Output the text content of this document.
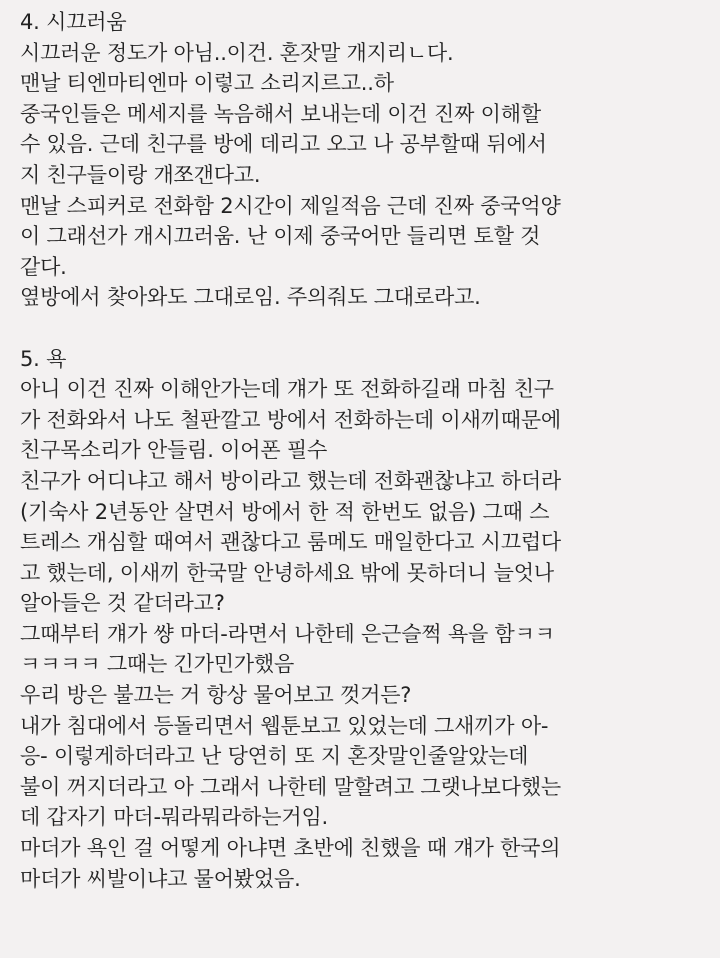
4. 시끄러움
시끄러운 정도가 아님..이건. 혼잣말 개지리ㄴ다.
맨날 티엔마티엔마 이렇고 소리지르고..하
중국인들은 메세지를 녹음해서 보내는데 이건 진짜 이해할
수 있음. 근데 친구를 방에 데리고 오고 나 공부할때 뒤에서
지 친구들이랑 개쪼갠다고.
맨날 스피커로 전화함 2시간이 제일적음 근데 진짜 중국억양
이 그래선가 개시끄러움. 난 이제 중국어만 들리면 토할 것
같다.
옆방에서 찾아와도 그대로임. 주의줘도 그대로라고.
5. 욕
아니 이건 진짜 이해안가는데 걔가 또 전화하길래 마침 친구
가 전화와서 나도 철판깔고 방에서 전화하는데 이새끼때문에
친구목소리가 안들림. 이어폰 필수
친구가 어디냐고 해서 방이라고 했는데 전화괜찮냐고 하더라
(기숙사 2년동안 살면서 방에서 한 적 한번도 없음) 그때 스
트레스 개심할 때여서 괜찮다고 룸메도 매일한다고 시끄럽다
고 했는데, 이새끼 한국말 안녕하세요 밖에 못하더니 늘엇나
알아들은 것 같더라고?
그때부터 걔가 썅 마더-라면서 나한테 은근슬쩍 욕을 함ㅋㅋ
ㅋㅋㅋㅋ 그때는 긴가민가했음
우리 방은 불끄는 거 항상 물어보고 껏거든?
내가 침대에서 등돌리면서 웹툰보고 있었는데 그새끼가 아-
응- 이렇게하더라고 난 당연히 또 지 혼잣말인줄알았는데
불이 꺼지더라고 아 그래서 나한테 말할려고 그랫나보다했는
데 갑자기 마더-뭐라뭐라하는거임.
마더가 욕인 걸 어떻게 아냐면 초반에 친했을 때 걔가 한국의
마더가 씨발이냐고 물어봤었음.
